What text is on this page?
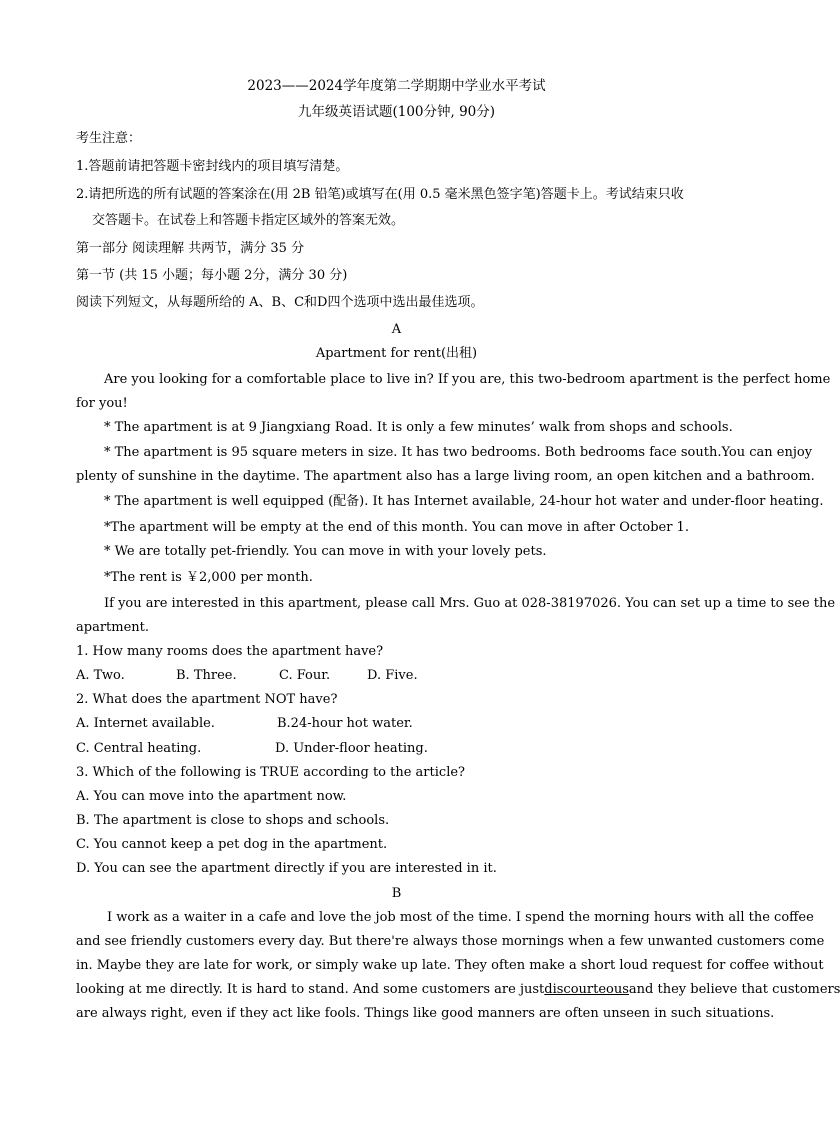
2023——2024学年度第二学期期中学业水平考试
九年级英语试题(100分钟, 90分)
考生注意：
1.答题前请把答题卡密封线内的项目填写清楚。
2.请把所选的所有试题的答案涂在(用 2B 铅笔)或填写在(用 0.5 毫米黑色签字笔)答题卡上。考试结束只收
交答题卡。在试卷上和答题卡指定区域外的答案无效。
第一部分 阅读理解 共两节，满分 35 分
第一节 (共 15 小题；每小题 2分，满分 30 分)
阅读下列短文，从每题所给的 A、B、C和D四个选项中选出最佳选项。
A
Apartment for rent(出租)
Are you looking for a comfortable place to live in? If you are, this two-bedroom apartment is the perfect home
for you!
* The apartment is at 9 Jiangxiang Road. It is only a few minutes’ walk from shops and schools.
* The apartment is 95 square meters in size. It has two bedrooms. Both bedrooms face south.You can enjoy
plenty of sunshine in the daytime. The apartment also has a large living room, an open kitchen and a bathroom.
* The apartment is well equipped (配备). It has Internet available, 24-hour hot water and under-floor heating.
*The apartment will be empty at the end of this month. You can move in after October 1.
* We are totally pet-friendly. You can move in with your lovely pets.
*The rent is ￥2,000 per month.
If you are interested in this apartment, please call Mrs. Guo at 028-38197026. You can set up a time to see the
apartment.
1. How many rooms does the apartment have?
A. Two.	B. Three.	C. Four.	D. Five.
2. What does the apartment NOT have?
A. Internet available.	B.24-hour hot water.
C. Central heating.	D. Under-floor heating.
3. Which of the following is TRUE according to the article?
A. You can move into the apartment now.
B. The apartment is close to shops and schools.
C. You cannot keep a pet dog in the apartment.
D. You can see the apartment directly if you are interested in it.
B
I work as a waiter in a cafe and love the job most of the time. I spend the morning hours with all the coffee
and see friendly customers every day. But there're always those mornings when a few unwanted customers come
in. Maybe they are late for work, or simply wake up late. They often make a short loud request for coffee without
looking at me directly. It is hard to stand. And some customers are just discourteous and they believe that customers
are always right, even if they act like fools. Things like good manners are often unseen in such situations.
